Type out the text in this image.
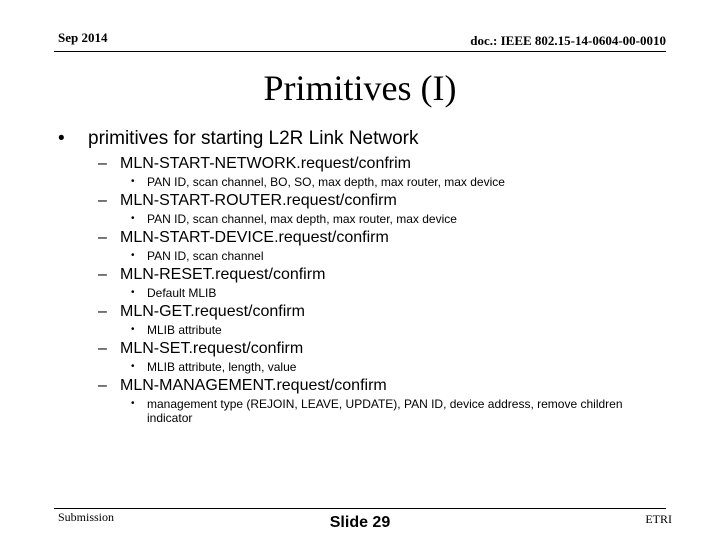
Sep 2014	doc.: IEEE 802.15-14-0604-00-0010
Primitives (I)
• primitives for starting L2R Link Network
– MLN-START-NETWORK.request/confrim
• PAN ID, scan channel, BO, SO, max depth, max router, max device
– MLN-START-ROUTER.request/confirm
• PAN ID, scan channel, max depth, max router, max device
– MLN-START-DEVICE.request/confirm
• PAN ID, scan channel
– MLN-RESET.request/confirm
• Default MLIB
– MLN-GET.request/confirm
• MLIB attribute
– MLN-SET.request/confirm
• MLIB attribute, length, value
– MLN-MANAGEMENT.request/confirm
• management type (REJOIN, LEAVE, UPDATE), PAN ID, device address, remove children indicator
Submission	Slide 29	ETRI
